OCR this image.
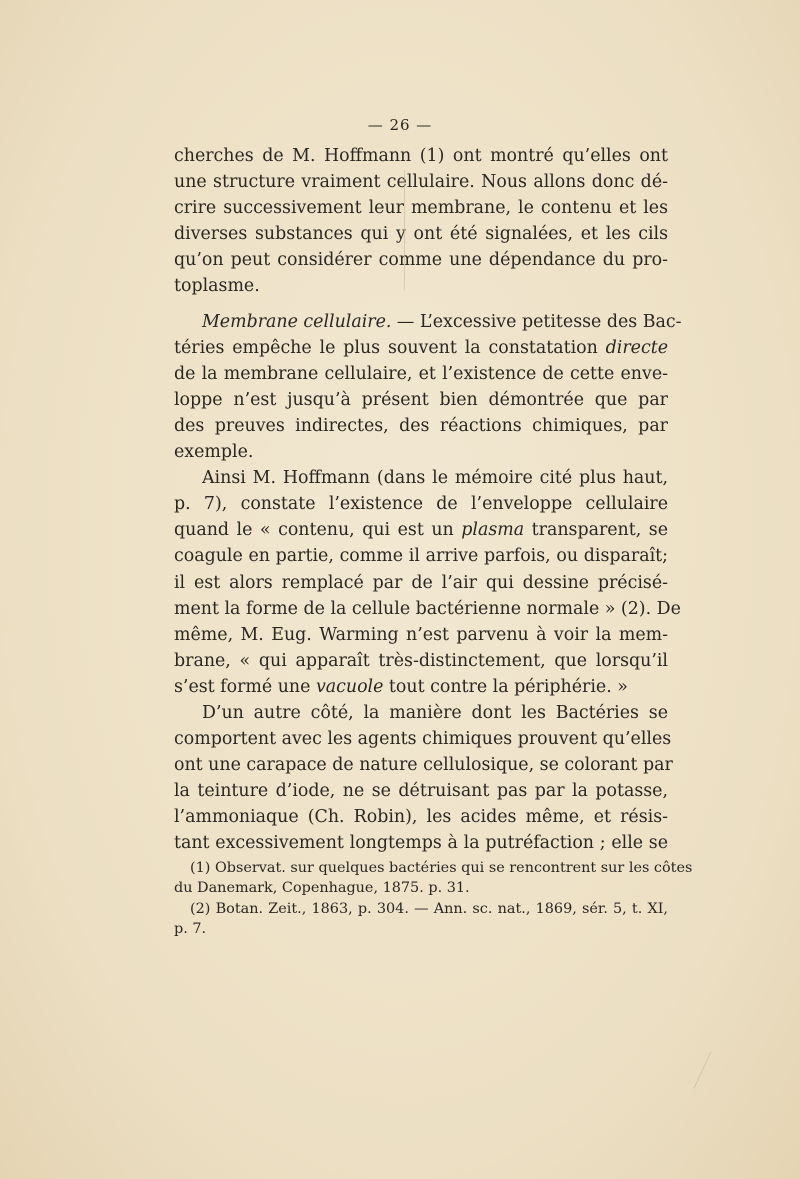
— 26 —
cherches de M. Hoffmann (1) ont montré qu’elles ont
une structure vraiment cellulaire. Nous allons donc dé-
crire successivement leur membrane, le contenu et les
diverses substances qui y ont été signalées, et les cils
qu’on peut considérer comme une dépendance du pro-
toplasme.
Membrane cellulaire. — L’excessive petitesse des Bac-
téries empêche le plus souvent la constatation directe
de la membrane cellulaire, et l’existence de cette enve-
loppe n’est jusqu’à présent bien démontrée que par
des preuves indirectes, des réactions chimiques, par
exemple.
Ainsi M. Hoffmann (dans le mémoire cité plus haut,
p. 7), constate l’existence de l’enveloppe cellulaire
quand le « contenu, qui est un plasma transparent, se
coagule en partie, comme il arrive parfois, ou disparaît;
il est alors remplacé par de l’air qui dessine précisé-
ment la forme de la cellule bactérienne normale » (2). De
même, M. Eug. Warming n’est parvenu à voir la mem-
brane, « qui apparaît très-distinctement, que lorsqu’il
s’est formé une vacuole tout contre la périphérie. »
D’un autre côté, la manière dont les Bactéries se
comportent avec les agents chimiques prouvent qu’elles
ont une carapace de nature cellulosique, se colorant par
la teinture d’iode, ne se détruisant pas par la potasse,
l’ammoniaque (Ch. Robin), les acides même, et résis-
tant excessivement longtemps à la putréfaction ; elle se
(1) Observat. sur quelques bactéries qui se rencontrent sur les côtes
du Danemark, Copenhague, 1875. p. 31.
(2) Botan. Zeit., 1863, p. 304. — Ann. sc. nat., 1869, sér. 5, t. XI,
p. 7.
